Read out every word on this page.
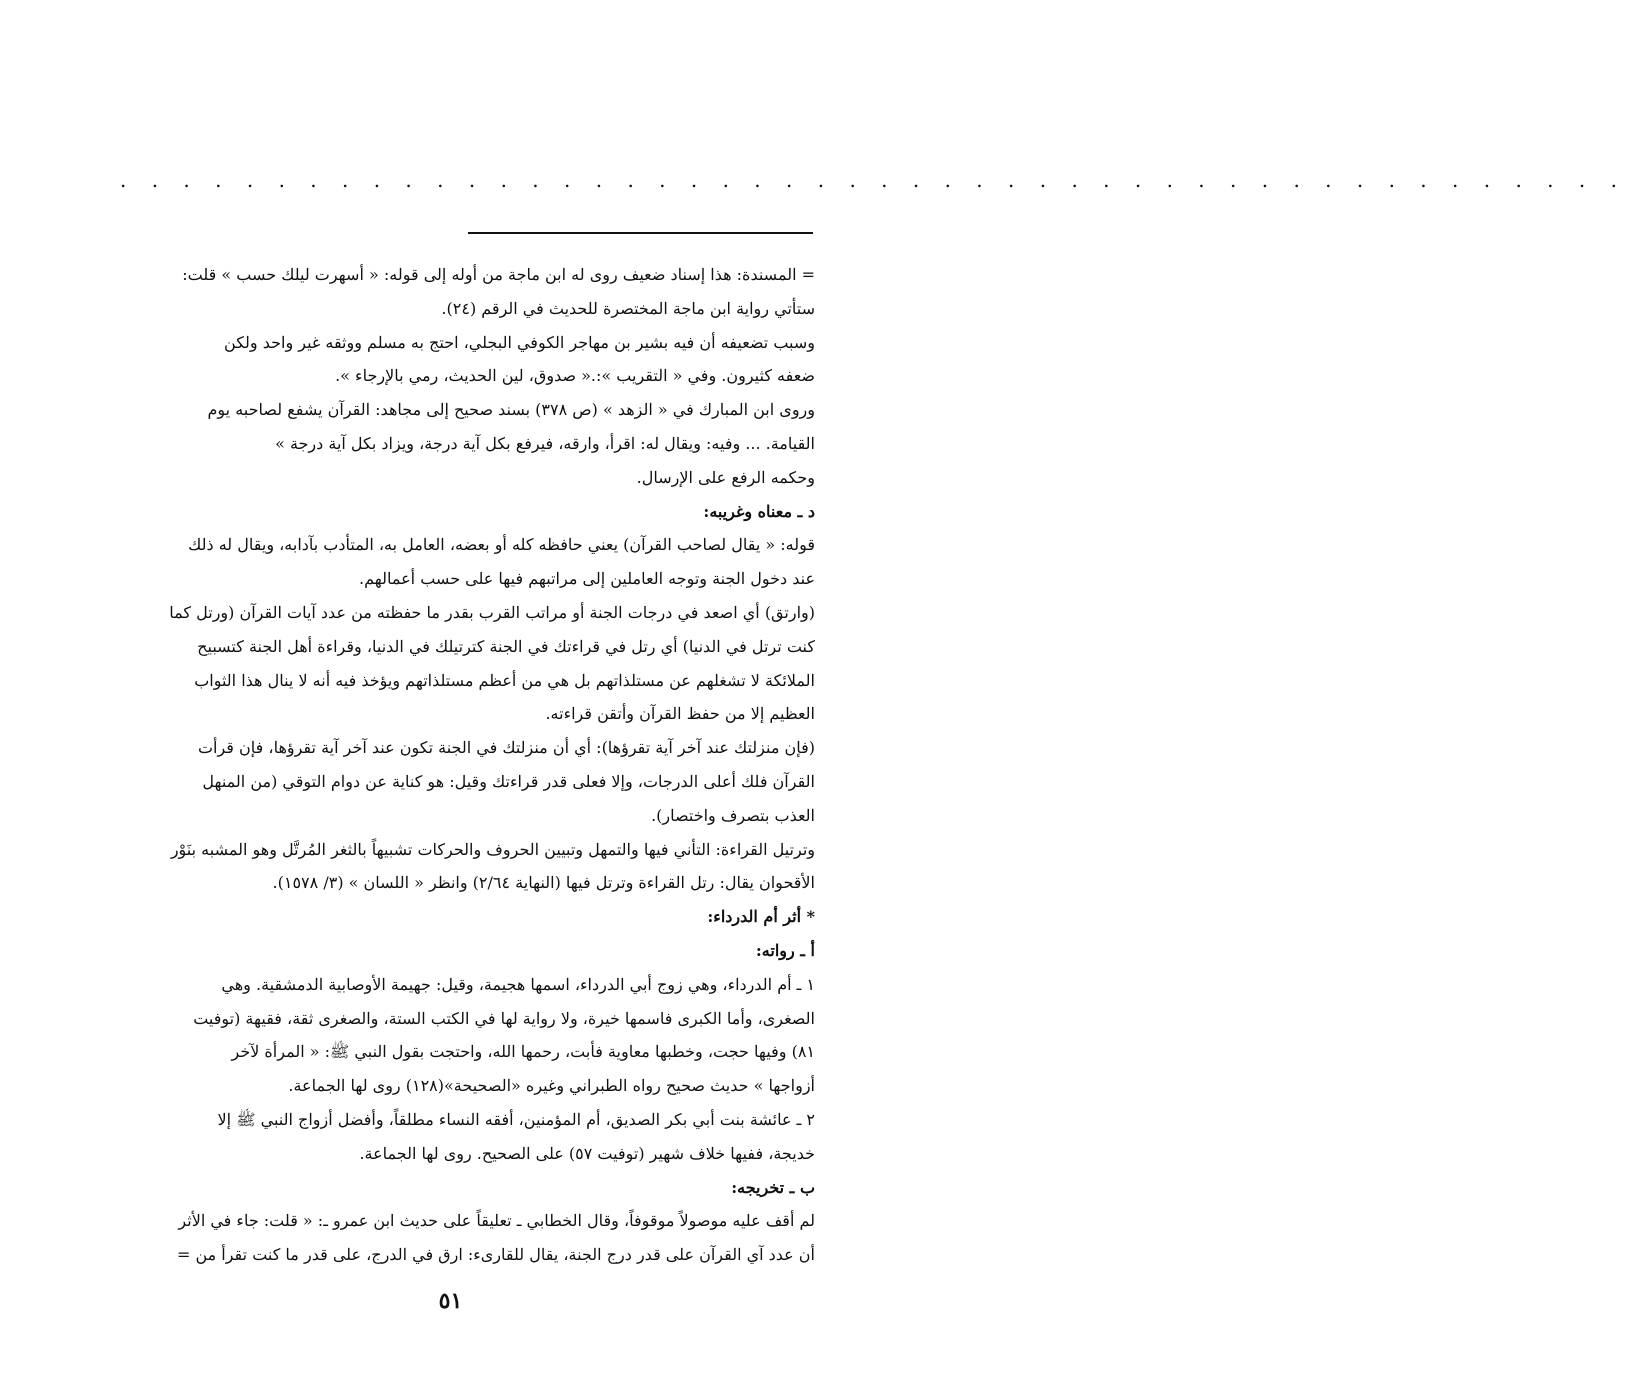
. . . . . . . . . . . . . . . . . . . . . . . . . . . . . . . . . . . . . . . . . . . . . . . .

= المسندة: هذا إسناد ضعيف روى له ابن ماجة من أوله إلى قوله: « أسهرت ليلك حسب » قلت:

ستأتي رواية ابن ماجة المختصرة للحديث في الرقم (٢٤).

وسبب تضعيفه أن فيه بشير بن مهاجر الكوفي البجلي، احتج به مسلم ووثقه غير واحد ولكن

ضعفه كثيرون. وفي « التقريب »:.« صدوق، لين الحديث، رمي بالإرجاء ».

وروى ابن المبارك في « الزهد » (ص ٣٧٨) بسند صحيح إلى مجاهد: القرآن يشفع لصاحبه يوم

القيامة. ... وفيه: ويقال له: اقرأ، وارقه، فيرفع بكل آية درجة، ويزاد بكل آية درجة »

وحكمه الرفع على الإرسال.

د ـ معناه وغريبه:

قوله: « يقال لصاحب القرآن) يعني حافظه كله أو بعضه، العامل به، المتأدب بآدابه، ويقال له ذلك

عند دخول الجنة وتوجه العاملين إلى مراتبهم فيها على حسب أعمالهم.

(وارتق) أي اصعد في درجات الجنة أو مراتب القرب بقدر ما حفظته من عدد آيات القرآن (ورتل كما

كنت ترتل في الدنيا) أي رتل في قراءتك في الجنة كترتيلك في الدنيا، وقراءة أهل الجنة كتسبيح

الملائكة لا تشغلهم عن مستلذاتهم بل هي من أعظم مستلذاتهم ويؤخذ فيه أنه لا ينال هذا الثواب

العظيم إلا من حفظ القرآن وأتقن قراءته.

(فإن منزلتك عند آخر آية تقرؤها): أي أن منزلتك في الجنة تكون عند آخر آية تقرؤها، فإن قرأت

القرآن فلك أعلى الدرجات، وإلا فعلى قدر قراءتك وقيل: هو كناية عن دوام التوقي (من المنهل

العذب بتصرف واختصار).

وترتيل القراءة: التأني فيها والتمهل وتبيين الحروف والحركات تشبيهاً بالثغر المُرتَّل وهو المشبه بنَوْر

الأقحوان يقال: رتل القراءة وترتل فيها (النهاية ٢/٦٤) وانظر « اللسان » (٣/ ١٥٧٨).

* أثر أم الدرداء:

أ ـ رواته:

١ ـ أم الدرداء، وهي زوج أبي الدرداء، اسمها هجيمة، وقيل: جهيمة الأوصابية الدمشقية. وهي

الصغرى، وأما الكبرى فاسمها خيرة، ولا رواية لها في الكتب الستة، والصغرى ثقة، فقيهة (توفيت

٨١) وفيها حجت، وخطبها معاوية فأبت، رحمها الله، واحتجت بقول النبي ﷺ: « المرأة لآخر

أزواجها » حديث صحيح رواه الطبراني وغيره «الصحيحة»(١٢٨) روى لها الجماعة.

٢ ـ عائشة بنت أبي بكر الصديق، أم المؤمنين، أفقه النساء مطلقاً، وأفضل أزواج النبي ﷺ إلا

خديجة، ففيها خلاف شهير (توفيت ٥٧) على الصحيح. روى لها الجماعة.

ب ـ تخريجه:

لم أقف عليه موصولاً موقوفاً، وقال الخطابي ـ تعليقاً على حديث ابن عمرو ـ: « قلت: جاء في الأثر

أن عدد آي القرآن على قدر درج الجنة، يقال للقارىء: ارق في الدرج، على قدر ما كنت تقرأ من =

٥١
